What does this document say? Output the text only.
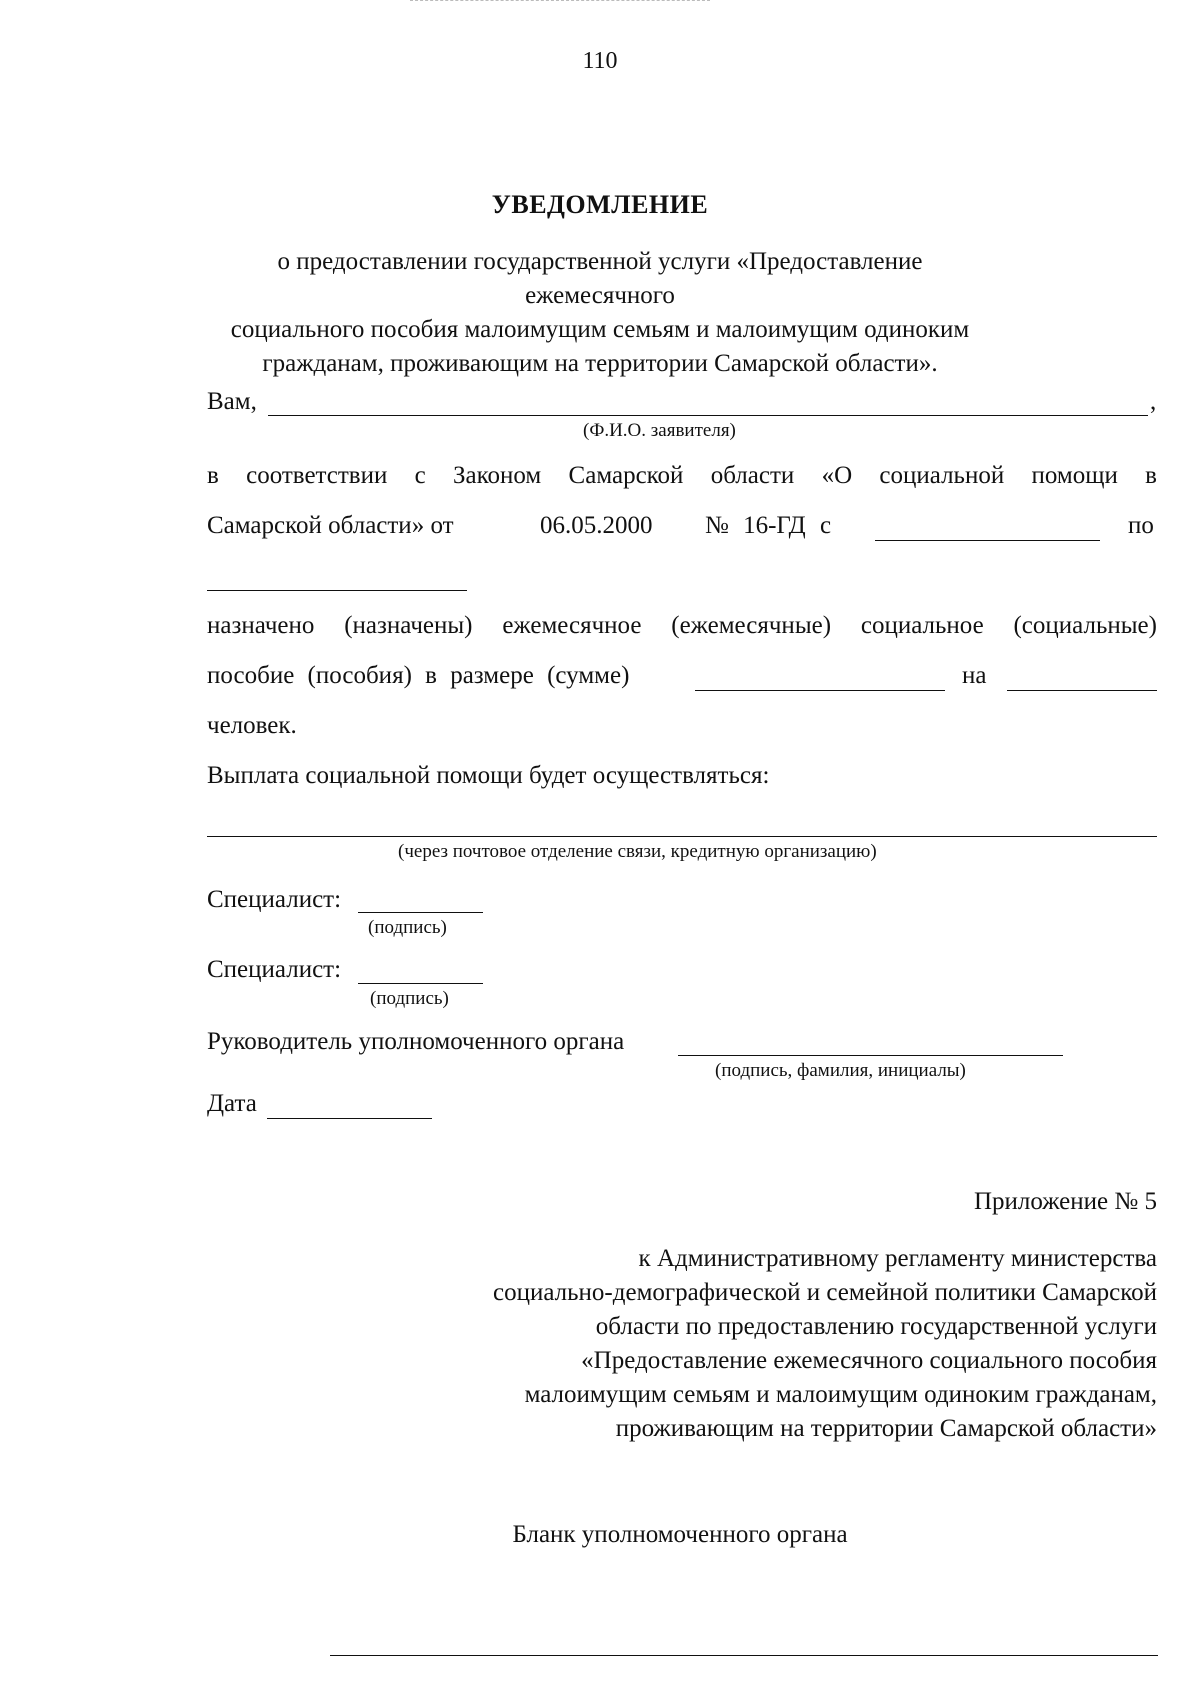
110
УВЕДОМЛЕНИЕ
о предоставлении государственной услуги «Предоставление ежемесячного
социального пособия малоимущим семьям и малоимущим одиноким
гражданам, проживающим на территории Самарской области».
Вам,	,
(Ф.И.О. заявителя)
в соответствии с Законом Самарской области «О социальной помощи в
Самарской области» от	06.05.2000 № 16-ГД с	по
назначено (назначены) ежемесячное (ежемесячные) социальное (социальные)
пособие (пособия) в размере (сумме)	на
человек.
Выплата социальной помощи будет осуществляться:
(через почтовое отделение связи, кредитную организацию)
Специалист:
(подпись)
Специалист:
(подпись)
Руководитель уполномоченного органа
(подпись, фамилия, инициалы)
Дата
Приложение № 5
к Административному регламенту министерства
социально-демографической и семейной политики Самарской
области по предоставлению государственной услуги
«Предоставление ежемесячного социального пособия
малоимущим семьям и малоимущим одиноким гражданам,
проживающим на территории Самарской области»
Бланк уполномоченного органа
